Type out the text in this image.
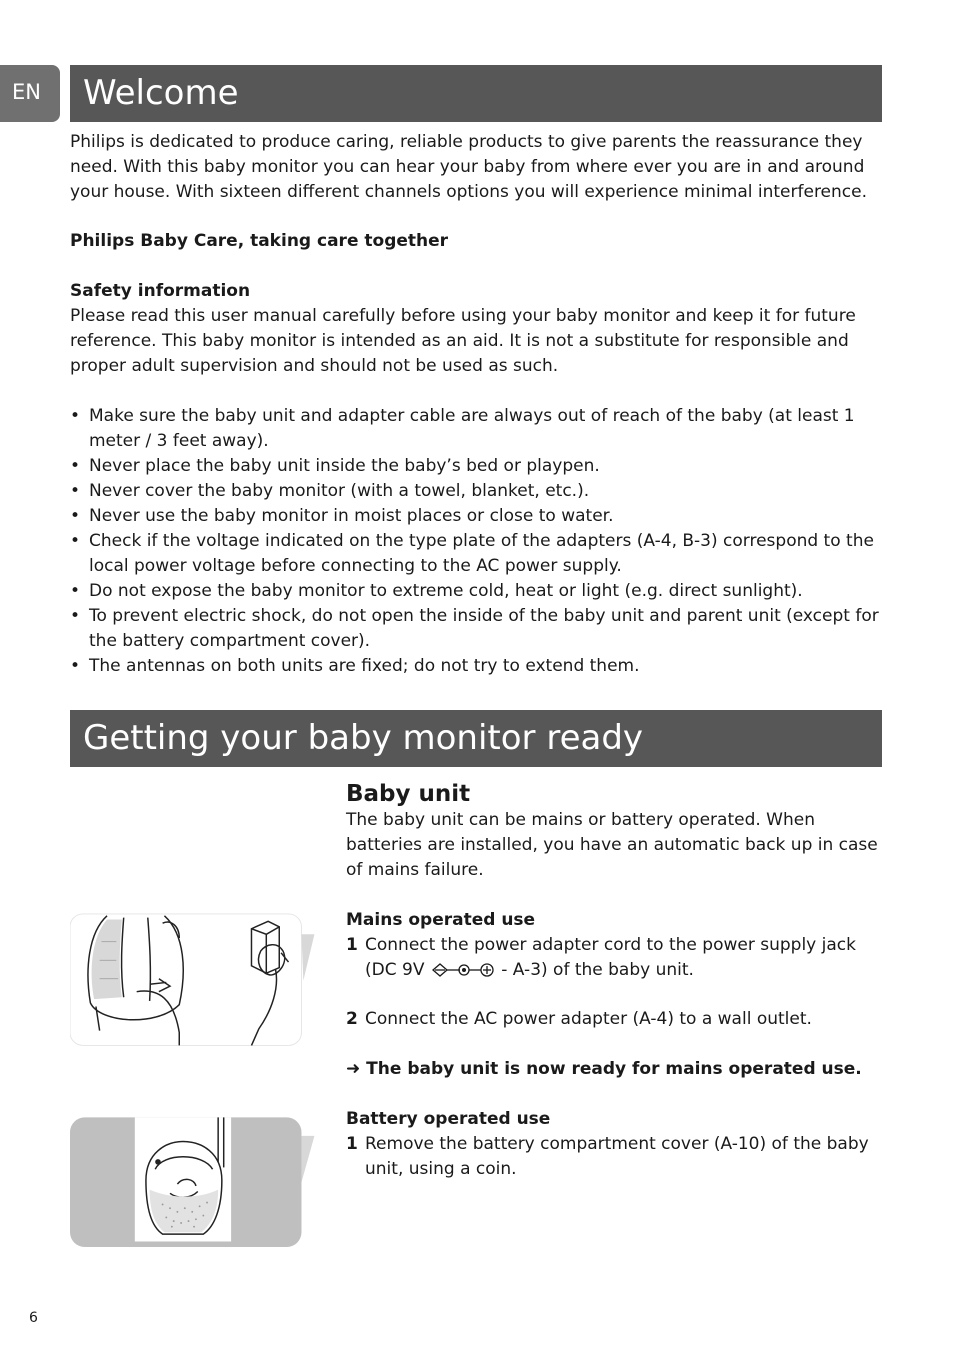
EN	Welcome

Philips is dedicated to produce caring, reliable products to give parents the reassurance they need. With this baby monitor you can hear your baby from where ever you are in and around your house. With sixteen different channels options you will experience minimal interference.

Philips Baby Care, taking care together

Safety information

Please read this user manual carefully before using your baby monitor and keep it for future reference. This baby monitor is intended as an aid. It is not a substitute for responsible and proper adult supervision and should not be used as such.

• Make sure the baby unit and adapter cable are always out of reach of the baby (at least 1 meter / 3 feet away).
• Never place the baby unit inside the baby’s bed or playpen.
• Never cover the baby monitor (with a towel, blanket, etc.).
• Never use the baby monitor in moist places or close to water.
• Check if the voltage indicated on the type plate of the adapters (A-4, B-3) correspond to the local power voltage before connecting to the AC power supply.
• Do not expose the baby monitor to extreme cold, heat or light (e.g. direct sunlight).
• To prevent electric shock, do not open the inside of the baby unit and parent unit (except for the battery compartment cover).
• The antennas on both units are fixed; do not try to extend them.
Getting your baby monitor ready
Baby unit

The baby unit can be mains or battery operated. When batteries are installed, you have an automatic back up in case of mains failure.

Mains operated use

1 Connect the power adapter cord to the power supply jack (DC 9V	- A-3) of the baby unit.
2 Connect the AC power adapter (A-4) to a wall outlet.

➜ The baby unit is now ready for mains operated use.

Battery operated use

1 Remove the battery compartment cover (A-10) of the baby unit, using a coin.
6
